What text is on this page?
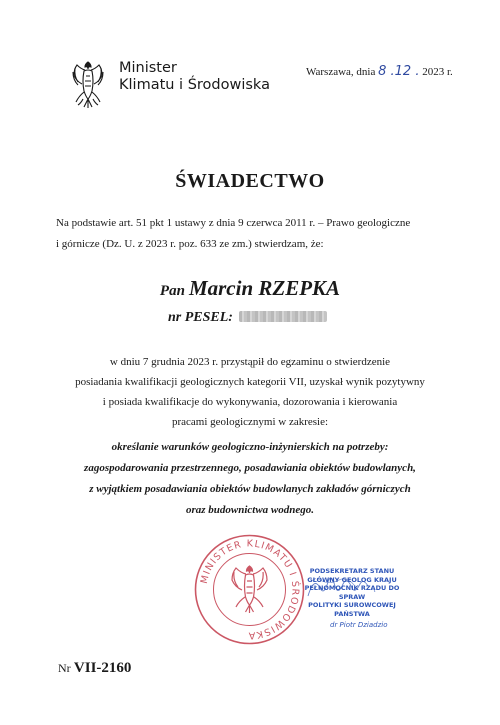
Minister
Klimatu i Środowiska
Warszawa, dnia 8 .12 . 2023 r.
ŚWIADECTWO
Na podstawie art. 51 pkt 1 ustawy z dnia 9 czerwca 2011 r. – Prawo geologiczne
i górnicze (Dz. U. z 2023 r. poz. 633 ze zm.) stwierdzam, że:
Pan Marcin RZEPKA
nr PESEL:
w dniu 7 grudnia 2023 r. przystąpił do egzaminu o stwierdzenie
posiadania kwalifikacji geologicznych kategorii VII, uzyskał wynik pozytywny
i posiada kwalifikacje do wykonywania, dozorowania i kierowania
pracami geologicznymi w zakresie:
określanie warunków geologiczno-inżynierskich na potrzeby:
zagospodarowania przestrzennego, posadawiania obiektów budowlanych,
z wyjątkiem posadawiania obiektów budowlanych zakładów górniczych
oraz budownictwa wodnego.
MINISTER KLIMATU I ŚRODOWISKA
PODSEKRETARZ STANU
GŁÓWNY GEOLOG KRAJU
PEŁNOMOCNIK RZĄDU DO SPRAW
POLITYKI SUROWCOWEJ PAŃSTWA
dr Piotr Dziadzio
Nr VII-2160
